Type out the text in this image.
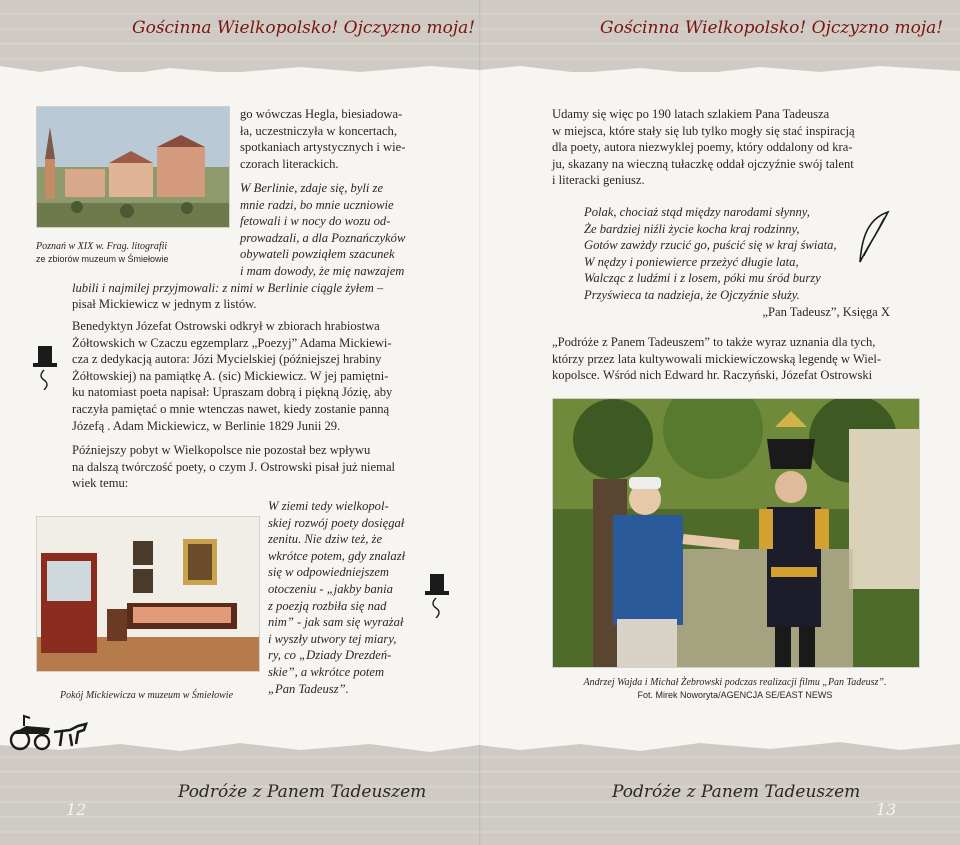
Gościnna Wielkopolsko! Ojczyzno moja!	Gościnna Wielkopolsko! Ojczyzno moja!
Poznań w XIX w. Frag. litografii
ze zbiorów muzeum w Śmiełowie
go wówczas Hegla, biesiadowa-
ła, uczestniczyła w koncertach,
spotkaniach artystycznych i wie-
czorach literackich.
W Berlinie, zdaje się, byli ze
mnie radzi, bo mnie uczniowie
fetowali i w nocy do wozu od-
prowadzali, a dla Poznańczyków
obywateli powziąłem szacunek
i mam dowody, że mię nawzajem
lubili i najmilej przyjmowali: z nimi w Berlinie ciągle żyłem –
pisał Mickiewicz w jednym z listów.
Benedyktyn Józefat Ostrowski odkrył w zbiorach hrabiostwa
Żółtowskich w Czaczu egzemplarz „Poezyj” Adama Mickiewi-
cza z dedykacją autora: Józi Mycielskiej (późniejszej hrabiny
Żółtowskiej) na pamiątkę A. (sic) Mickiewicz. W jej pamiętni-
ku natomiast poeta napisał: Upraszam dobrą i piękną Józię, aby
raczyła pamiętać o mnie wtenczas nawet, kiedy zostanie panną
Józefą . Adam Mickiewicz, w Berlinie 1829 Junii 29.
Późniejszy pobyt w Wielkopolsce nie pozostał bez wpływu
na dalszą twórczość poety, o czym J. Ostrowski pisał już niemal
wiek temu:
Pokój Mickiewicza w muzeum w Śmiełowie
W ziemi tedy wielkopol-
skiej rozwój poety dosięgał
zenitu. Nie dziw też, że
wkrótce potem, gdy znalazł
się w odpowiedniejszem
otoczeniu - „jakby bania
z poezją rozbiła się nad
nim” - jak sam się wyrażał
i wyszły utwory tej miary,
ry, co „Dziady Drezdeń-
skie”, a wkrótce potem
„Pan Tadeusz”.
Udamy się więc po 190 latach szlakiem Pana Tadeusza
w miejsca, które stały się lub tylko mogły się stać inspiracją
dla poety, autora niezwyklej poemy, który oddalony od kra-
ju, skazany na wieczną tułaczkę oddał ojczyźnie swój talent
i literacki geniusz.
Polak, chociaż stąd między narodami słynny,
Że bardziej niźli życie kocha kraj rodzinny,
Gotów zawżdy rzucić go, puścić się w kraj świata,
W nędzy i poniewierce przeżyć długie lata,
Walcząc z ludźmi i z losem, póki mu śród burzy
Przyświeca ta nadzieja, że Ojczyźnie służy.
„Pan Tadeusz”, Księga X
„Podróże z Panem Tadeuszem” to także wyraz uznania dla tych,
którzy przez lata kultywowali mickiewiczowską legendę w Wiel-
kopolsce. Wśród nich Edward hr. Raczyński, Józefat Ostrowski
Andrzej Wajda i Michał Żebrowski podczas realizacji filmu „Pan Tadeusz”.
Fot. Mirek Noworyta/AGENCJA SE/EAST NEWS
Podróże z Panem Tadeuszem	Podróże z Panem Tadeuszem
12	13
